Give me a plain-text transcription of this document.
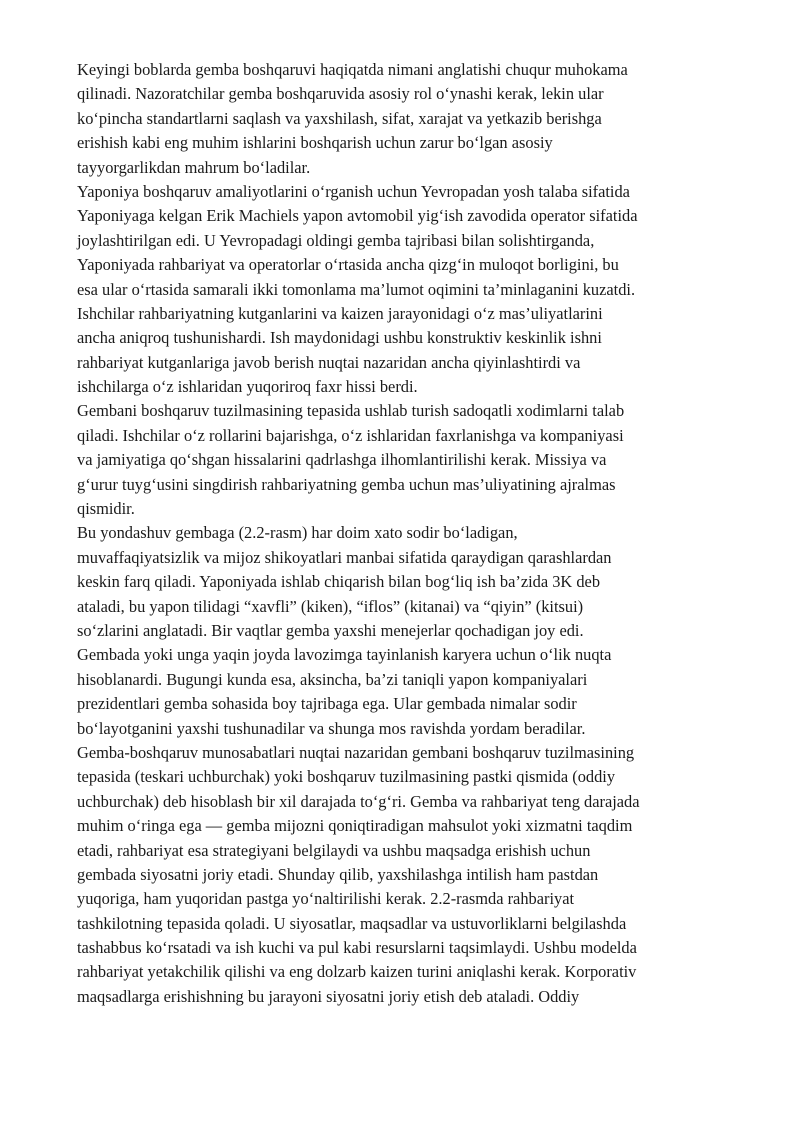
Keyingi boblarda gemba boshqaruvi haqiqatda nimani anglatishi chuqur muhokama
qilinadi. Nazoratchilar gemba boshqaruvida asosiy rol o‘ynashi kerak, lekin ular
ko‘pincha standartlarni saqlash va yaxshilash, sifat, xarajat va yetkazib berishga
erishish kabi eng muhim ishlarini boshqarish uchun zarur bo‘lgan asosiy
tayyorgarlikdan mahrum bo‘ladilar.
Yaponiya boshqaruv amaliyotlarini o‘rganish uchun Yevropadan yosh talaba sifatida
Yaponiyaga kelgan Erik Machiels yapon avtomobil yig‘ish zavodida operator sifatida
joylashtirilgan edi. U Yevropadagi oldingi gemba tajribasi bilan solishtirganda,
Yaponiyada rahbariyat va operatorlar o‘rtasida ancha qizg‘in muloqot borligini, bu
esa ular o‘rtasida samarali ikki tomonlama ma’lumot oqimini ta’minlaganini kuzatdi.
Ishchilar rahbariyatning kutganlarini va kaizen jarayonidagi o‘z mas’uliyatlarini
ancha aniqroq tushunishardi. Ish maydonidagi ushbu konstruktiv keskinlik ishni
rahbariyat kutganlariga javob berish nuqtai nazaridan ancha qiyinlashtirdi va
ishchilarga o‘z ishlaridan yuqoriroq faxr hissi berdi.
Gembani boshqaruv tuzilmasining tepasida ushlab turish sadoqatli xodimlarni talab
qiladi. Ishchilar o‘z rollarini bajarishga, o‘z ishlaridan faxrlanishga va kompaniyasi
va jamiyatiga qo‘shgan hissalarini qadrlashga ilhomlantirilishi kerak. Missiya va
g‘urur tuyg‘usini singdirish rahbariyatning gemba uchun mas’uliyatining ajralmas
qismidir.
Bu yondashuv gembaga (2.2-rasm) har doim xato sodir bo‘ladigan,
muvaffaqiyatsizlik va mijoz shikoyatlari manbai sifatida qaraydigan qarashlardan
keskin farq qiladi. Yaponiyada ishlab chiqarish bilan bog‘liq ish ba’zida 3K deb
ataladi, bu yapon tilidagi “xavfli” (kiken), “iflos” (kitanai) va “qiyin” (kitsui)
so‘zlarini anglatadi. Bir vaqtlar gemba yaxshi menejerlar qochadigan joy edi.
Gembada yoki unga yaqin joyda lavozimga tayinlanish karyera uchun o‘lik nuqta
hisoblanardi. Bugungi kunda esa, aksincha, ba’zi taniqli yapon kompaniyalari
prezidentlari gemba sohasida boy tajribaga ega. Ular gembada nimalar sodir
bo‘layotganini yaxshi tushunadilar va shunga mos ravishda yordam beradilar.
Gemba-boshqaruv munosabatlari nuqtai nazaridan gembani boshqaruv tuzilmasining
tepasida (teskari uchburchak) yoki boshqaruv tuzilmasining pastki qismida (oddiy
uchburchak) deb hisoblash bir xil darajada to‘g‘ri. Gemba va rahbariyat teng darajada
muhim o‘ringa ega — gemba mijozni qoniqtiradigan mahsulot yoki xizmatni taqdim
etadi, rahbariyat esa strategiyani belgilaydi va ushbu maqsadga erishish uchun
gembada siyosatni joriy etadi. Shunday qilib, yaxshilashga intilish ham pastdan
yuqoriga, ham yuqoridan pastga yo‘naltirilishi kerak. 2.2-rasmda rahbariyat
tashkilotning tepasida qoladi. U siyosatlar, maqsadlar va ustuvorliklarni belgilashda
tashabbus ko‘rsatadi va ish kuchi va pul kabi resurslarni taqsimlaydi. Ushbu modelda
rahbariyat yetakchilik qilishi va eng dolzarb kaizen turini aniqlashi kerak. Korporativ
maqsadlarga erishishning bu jarayoni siyosatni joriy etish deb ataladi. Oddiy
